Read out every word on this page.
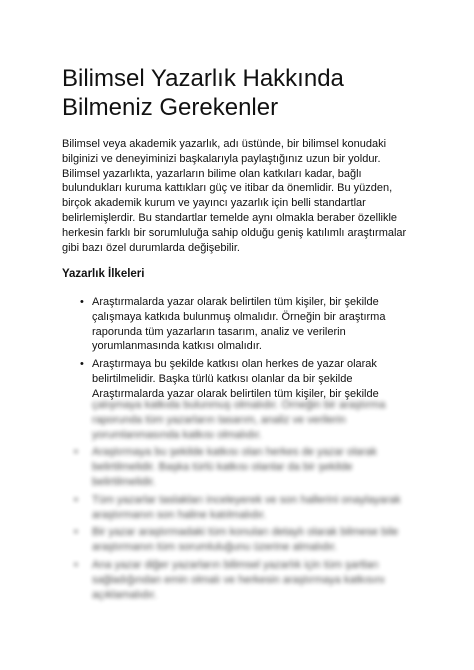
Bilimsel Yazarlık Hakkında
Bilmeniz Gerekenler

Bilimsel veya akademik yazarlık, adı üstünde, bir bilimsel konudaki bilginizi ve deneyiminizi başkalarıyla paylaştığınız uzun bir yoldur. Bilimsel yazarlıkta, yazarların bilime olan katkıları kadar, bağlı bulundukları kuruma kattıkları güç ve itibar da önemlidir. Bu yüzden, birçok akademik kurum ve yayıncı yazarlık için belli standartlar belirlemişlerdir. Bu standartlar temelde aynı olmakla beraber özellikle herkesin farklı bir sorumluluğa sahip olduğu geniş katılımlı araştırmalar gibi bazı özel durumlarda değişebilir.

Yazarlık İlkeleri
• Araştırmalarda yazar olarak belirtilen tüm kişiler, bir şekilde çalışmaya katkıda bulunmuş olmalıdır. Örneğin bir araştırma raporunda tüm yazarların tasarım, analiz ve verilerin yorumlanmasında katkısı olmalıdır.
• Araştırmaya bu şekilde katkısı olan herkes de yazar olarak belirtilmelidir. Başka türlü katkısı olanlar da bir şekilde
Araştırmalarda yazar olarak belirtilen tüm kişiler, bir şekilde
çalışmaya katkıda bulunmuş olmalıdır. Örneğin bir araştırma raporunda tüm yazarların tasarım, analiz ve verilerin yorumlanmasında katkısı olmalıdır.
• Araştırmaya bu şekilde katkısı olan herkes de yazar olarak belirtilmelidir. Başka türlü katkısı olanlar da bir şekilde belirtilmelidir.
• Tüm yazarlar taslakları inceleyerek ve son hallerini onaylayarak araştırmanın son haline katılmalıdır.
• Bir yazar araştırmadaki tüm konuları detaylı olarak bilmese bile araştırmanın tüm sorumluluğunu üzerine almalıdır.
• Ana yazar diğer yazarların bilimsel yazarlık için tüm şartları sağladığından emin olmalı ve herkesin araştırmaya katkısını açıklamalıdır.
